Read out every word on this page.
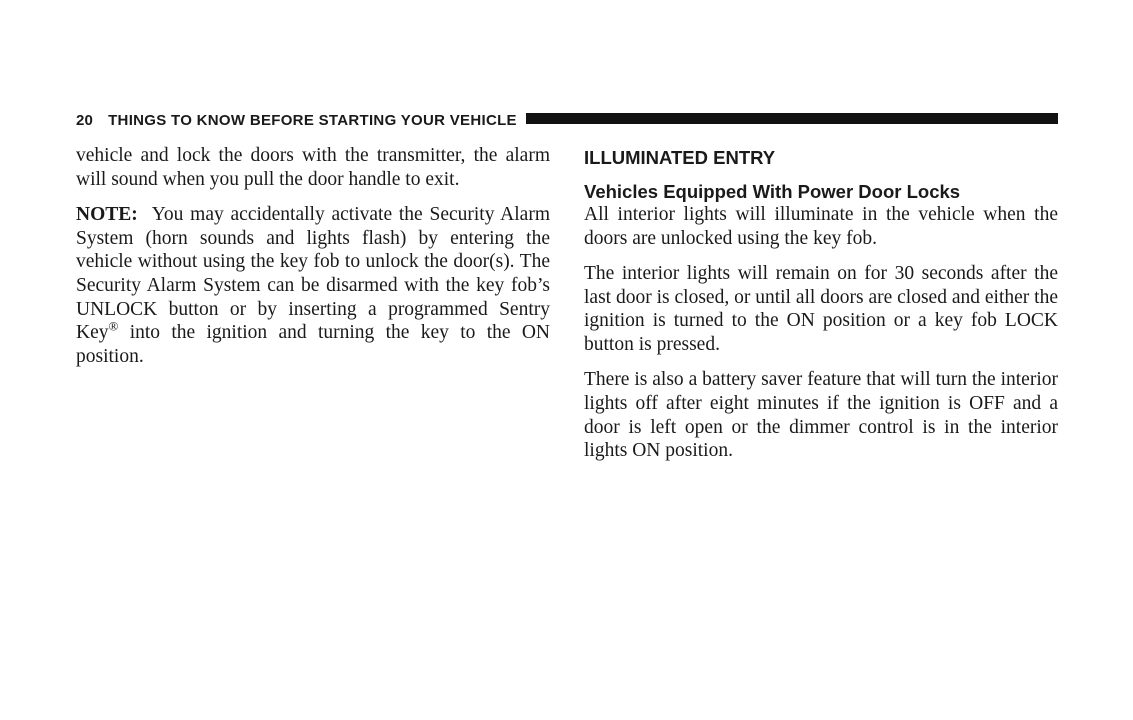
20 THINGS TO KNOW BEFORE STARTING YOUR VEHICLE

vehicle and lock the doors with the transmitter, the alarm will sound when you pull the door handle to exit.

NOTE: You may accidentally activate the Security Alarm System (horn sounds and lights flash) by entering the vehicle without using the key fob to unlock the door(s). The Security Alarm System can be disarmed with the key fob’s UNLOCK button or by inserting a programmed Sentry Key® into the ignition and turning the key to the ON position.

ILLUMINATED ENTRY
Vehicles Equipped With Power Door Locks

All interior lights will illuminate in the vehicle when the doors are unlocked using the key fob.

The interior lights will remain on for 30 seconds after the last door is closed, or until all doors are closed and either the ignition is turned to the ON position or a key fob LOCK button is pressed.

There is also a battery saver feature that will turn the interior lights off after eight minutes if the ignition is OFF and a door is left open or the dimmer control is in the interior lights ON position.
